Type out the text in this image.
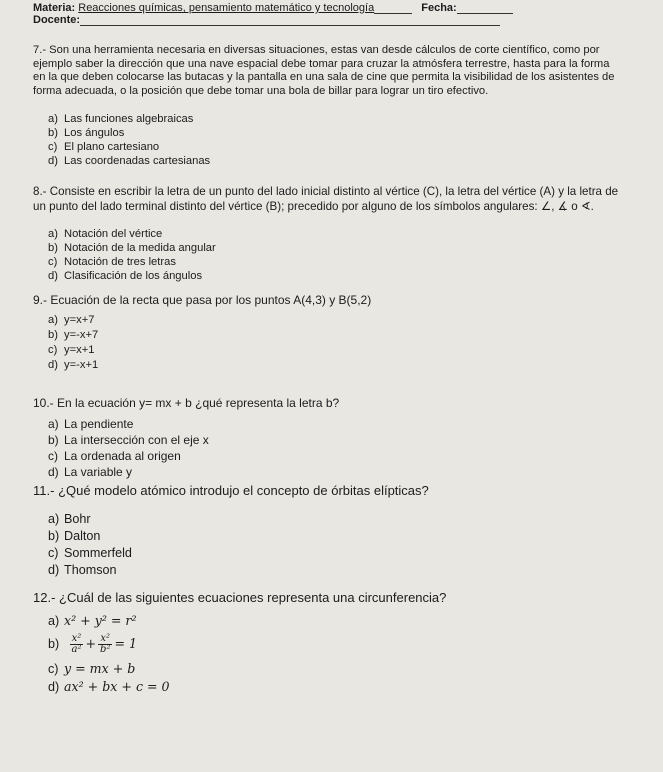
Materia: Reacciones químicas, pensamiento matemático y tecnología	Fecha:
Docente:
7.- Son una herramienta necesaria en diversas situaciones, estas van desde cálculos de corte científico, como por ejemplo saber la dirección que una nave espacial debe tomar para cruzar la atmósfera terrestre, hasta para la forma en la que deben colocarse las butacas y la pantalla en una sala de cine que permita la visibilidad de los asistentes de forma adecuada, o la posición que debe tomar una bola de billar para lograr un tiro efectivo.
a) Las funciones algebraicas
b) Los ángulos
c) El plano cartesiano
d) Las coordenadas cartesianas
8.- Consiste en escribir la letra de un punto del lado inicial distinto al vértice (C), la letra del vértice (A) y la letra de un punto del lado terminal distinto del vértice (B); precedido por alguno de los símbolos angulares: ∠, ∡ o ∢.
a) Notación del vértice
b) Notación de la medida angular
c) Notación de tres letras
d) Clasificación de los ángulos
9.- Ecuación de la recta que pasa por los puntos A(4,3) y B(5,2)
a) y=x+7
b) y=-x+7
c) y=x+1
d) y=-x+1
10.- En la ecuación y= mx + b ¿qué representa la letra b?
a) La pendiente
b) La intersección con el eje x
c) La ordenada al origen
d) La variable y
11.- ¿Qué modelo atómico introdujo el concepto de órbitas elípticas?
a) Bohr
b) Dalton
c) Sommerfeld
d) Thomson
12.- ¿Cuál de las siguientes ecuaciones representa una circunferencia?
a) x² + y² = r²
$b) \frac{\text{x²}}{\text{a²}} + \frac{\text{x²}}{\text{b²}} = 1$
c) y = mx + b
d) ax² + bx + c = 0
